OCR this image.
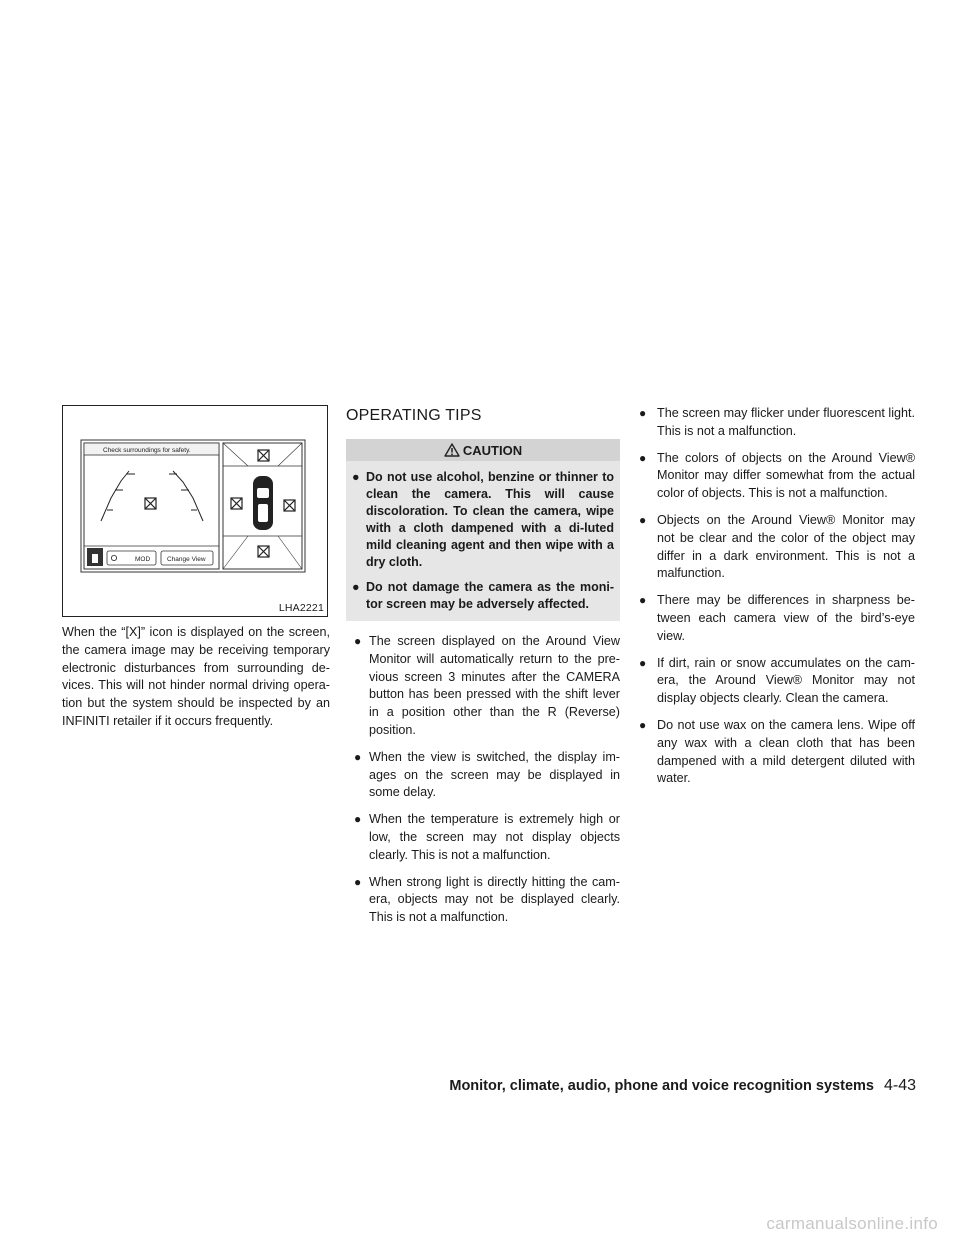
Check surroundings for safety.
MOD	Change View
LHA2221

When the “[X]” icon is displayed on the screen, the camera image may be receiving temporary electronic disturbances from surrounding de-vices. This will not hinder normal driving opera-tion but the system should be inspected by an INFINITI retailer if it occurs frequently.

OPERATING TIPS
CAUTION
● Do not use alcohol, benzine or thinner to clean the camera. This will cause discoloration. To clean the camera, wipe with a cloth dampened with a di-luted mild cleaning agent and then wipe with a dry cloth.
● Do not damage the camera as the moni-tor screen may be adversely affected.
● The screen displayed on the Around View Monitor will automatically return to the pre-vious screen 3 minutes after the CAMERA button has been pressed with the shift lever in a position other than the R (Reverse) position.
● When the view is switched, the display im-ages on the screen may be displayed in some delay.
● When the temperature is extremely high or low, the screen may not display objects clearly. This is not a malfunction.
● When strong light is directly hitting the cam-era, objects may not be displayed clearly. This is not a malfunction.
● The screen may flicker under fluorescent light. This is not a malfunction.
● The colors of objects on the Around View® Monitor may differ somewhat from the actual color of objects. This is not a malfunction.
● Objects on the Around View® Monitor may not be clear and the color of the object may differ in a dark environment. This is not a malfunction.
● There may be differences in sharpness be-tween each camera view of the bird’s-eye view.
● If dirt, rain or snow accumulates on the cam-era, the Around View® Monitor may not display objects clearly. Clean the camera.
● Do not use wax on the camera lens. Wipe off any wax with a clean cloth that has been dampened with a mild detergent diluted with water.
Monitor, climate, audio, phone and voice recognition systems 4-43
carmanualsonline.info
